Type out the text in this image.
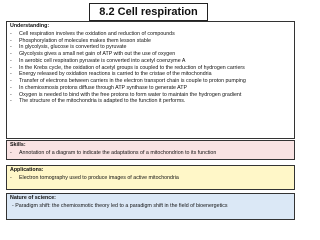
8.2 Cell respiration
Understanding:
-	Cell respiration involves the oxidation and reduction of compounds
-	Phosphorylation of molecules makes them lesson stable
-	In glycolysis, glucose is converted to pyruvate
-	Glycolysis gives a small net gain of ATP with out the use of oxygen
-	In aerobic cell respiration pyruvate is converted into acetyl coenzyme A
-	In the Krebs cycle, the oxidation of acetyl groups is coupled to the reduction of hydrogen carriers
-	Energy released by oxidation reactions is carried to the cristae of the mitochondria
-	Transfer of electrons between carriers in the electron transport chain is couple to proton pumping
-	In chemiosmosis protons diffuse through ATP synthase to generate ATP
-	Oxygen is needed to bind with the free protons to form water to maintain the hydrogen gradient
-	The structure of the mitochondria is adapted to the function it performs.
Skills:
-	Annotation of a diagram to indicate the adaptations of a mitochondrion to its function
Applications:
-	Electron tomography used to produce images of active mitochondria
Nature of science:
- Paradigm shift: the chemiosmotic theory led to a paradigm shift in the field of bioenergetics
